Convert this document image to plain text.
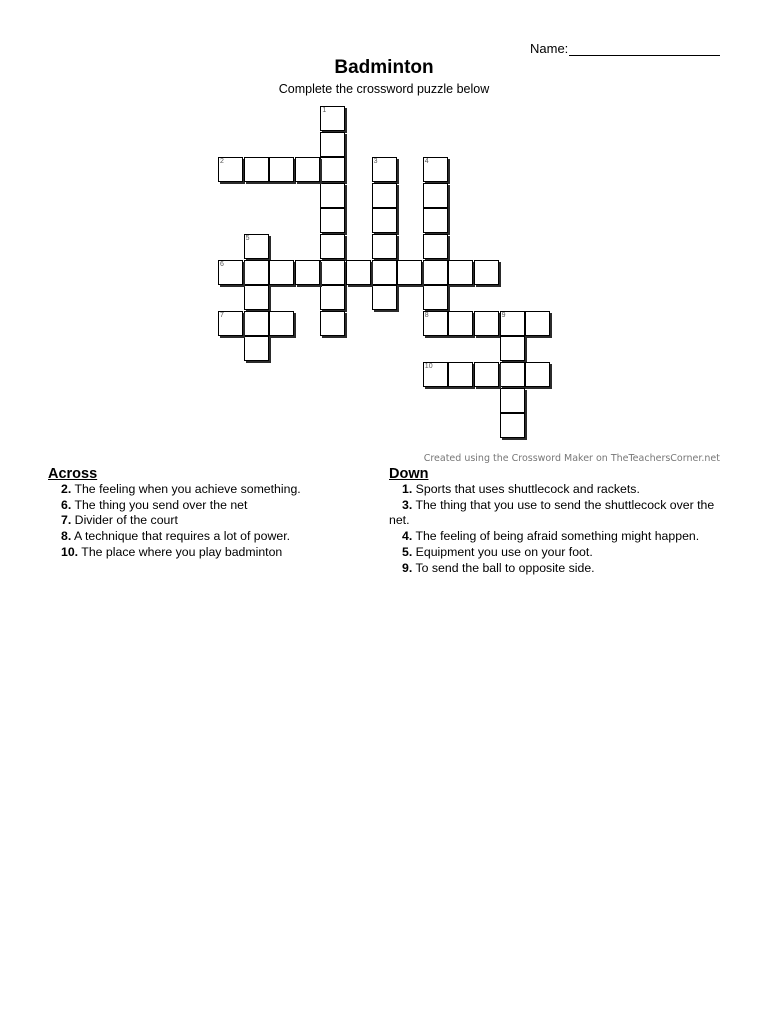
Name:
Badminton
Complete the crossword puzzle below
1
2	3	4
8
5
6
7	9
10
Created using the Crossword Maker on TheTeachersCorner.net
Across
2. The feeling when you achieve something.
6. The thing you send over the net
7. Divider of the court
8. A technique that requires a lot of power.
10. The place where you play badminton
Down
1. Sports that uses shuttlecock and rackets.
3. The thing that you use to send the shuttlecock over the net.
4. The feeling of being afraid something might happen.
5. Equipment you use on your foot.
9. To send the ball to opposite side.
